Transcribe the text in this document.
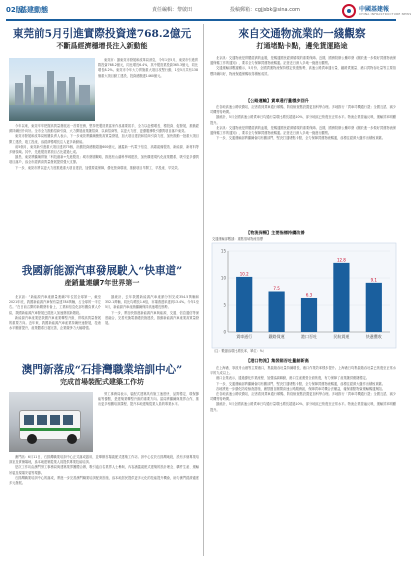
02版
基建動態	責任編輯：黎啟田	投稿郵箱：cgjjsbk@sina.com	中國基建報
CHINA INFRASTRUCTURE NEWS
東莞前5月引進實際投資達768.2億元
不斷爲經濟穩增長注入新動能

東莞市：據東莞市發展和改革局消息，今年1至5月，東莞市引進實際投資768.2億元，同比增長6.4%，其中製造業投資365.3億元，同比增長8.2%。東莞市今年大力實施重大項目攻堅行動，1至5月共有138個重大項目動工建設，投資總額達1460億元。

今年以來，東莞牢牢把握高質量發展這一首要任務，堅持把製造業當家作爲重要抓手，全力以赴穩增長、穩投資、促發展，推動經濟持續回升向好。全市全力推動招商引資，大力開展產業鏈招商、以商招商等，以更大力度、更優服務吸引優質項目落戶東莞。

東莞市發展和改革局相關負責人表示，下一步東莞將繼續聚焦高質量發展，加大項目建設和招商引資力度，加快推動一批重大項目開工建設、竣工投產，爲經濟穩增長注入更多新動能。

前5個月，東莞新引進重大項目達到75個，計劃投資總額超過600億元，涵蓋新一代電子信息、高端裝備製造、新能源、新材料等多個領域。其中，先進製造業項目占比超過七成。

據悉，東莞將繼續實施「科技創新+先進製造」城市發展戰略，推進松山湖科學城建設，加快構建現代化產業體系，吸引更多優質項目落戶，爲全市經濟高質量發展提供強大支撐。

下一步，東莞市將以更大力度推進重大項目建設，加強要素保障，優化營商環境，推動項目早開工、早投產、早見效。

我國新能源汽車發展駛入“快車道”
産銷量連續7年世界第一

北京訊：“新能源汽車產銷量連續7年位居全球第一，截至2021年底，我國新能源汽車保有量達784萬輛，占全球的一半左右。”在日前召開的新聞發布會上，工業和信息化部有關負責人介紹，我國新能源汽車發展已經進入加速發展新階段。

新能源汽車產業是我國汽車產業轉型升級、實現高質量發展的重要方向。近年來，我國新能源汽車產業持續快速發展，技術水平顯著提升，產業體系日趨完善，企業競爭力大幅增強。

據統計，去年我國新能源汽車產銷分別完成354.5萬輛和352.1萬輛，同比均增長1.6倍，市場滲透率達到13.4%。今年1至5月，新能源汽車產銷繼續保持高速增長態勢。

下一步，將加快推進新能源汽車與能源、交通、信息通信等深度融合，完善充換電基礎設施建設，推動新能源汽車產業高質量發展。

澳門新落成“石排灣職業培訓中心”
完成首場裝配式建築工作坊

勞工事務局表示，裝配式建築具有施工速度快、品質穩定、環保節能等優點，是建築業轉型升級的重要方向。當局將繼續與業界合作，推出更多相關培訓課程，提升本地建築從業人員的專業水平。

澳門訊：6月11日，石排灣職業培訓中心正式落成啟用，並舉辦首場裝配式建築工作坊。該中心位於石排灣地段，設有多個專業培訓室及實操場地，爲本地建築從業人員提供專業技能培訓。

是次工作坊由澳門勞工事務局與建築業界團體合辦，吸引逾百名業界人士參與，內容涵蓋裝配式建築的設計理念、構件生產、運輸吊裝及現場安裝等環節。

石排灣職業培訓中心的落成，將進一步完善澳門職業培訓配套設施，爲本地居民提供更多元化的技能提升機會，助力澳門經濟適度多元發展。

來自交通物流業的一綫觀察
打通堵點卡點，邊免貨運路途

北京訊：交通物流是實體經濟的血脈，是暢通國民經濟循環的重要保障。近期，國務院辦公廳印發《關於進一步做好貨運物流保通保暢工作的通知》，要求全力保障貨運物流暢通。記者近日深入多地一綫進行觀察。

交通運輸部數據顯示，5月份，全國貨運物流保持穩定恢復態勢，高速公路貨車通行量、鐵路貨運量、港口貨物吞吐量等主要指標持續向好，物流保通保暢取得積極成效。

【公路運輸】貨車通行量穩步回升

在各地高速公路收費站，記者看到貨車通行順暢，防疫檢查點設置更加科學合理。多地推行「貨車司機通行證」全國互認，減少司機等待時間。

據統計，5月全國高速公路貨車日均通行量環比增長超過10%，部分地區已恢復至正常水平。物流企業普遍反映，運輸效率明顯提升。

北京訊：交通物流是實體經濟的血脈，是暢通國民經濟循環的重要保障。近期，國務院辦公廳印發《關於進一步做好貨運物流保通保暢工作的通知》，要求全力保障貨運物流暢通。記者近日深入多地一綫進行觀察。

下一步，交通運輸部將繼續會同有關部門，堅決打通堵點卡點，全力保障貨運物流暢通，爲穩住經濟大盤作出積極貢獻。

【物流保暢】主要指標持續改善
交通運輸部數據：重點領域物流指標
0
5
10
15
10.2
貨車通行
7.5
鐵路貨運
6.3
港口吞吐
12.8
民航貨運
9.1
快遞攬收
（注：數據爲環比增長率，單位：%）
【港口物流】集裝箱吞吐量創新高

在上海港、寧波舟山港等主要港口，集裝箱吞吐量持續增長，港口作業效率穩步提升。上海港日均集裝箱吞吐量已恢復至正常水平的九成以上。

港口企業表示，通過優化作業流程、加強協調聯動，港口生產運營全面恢復，有力保障了產業鏈供應鏈穩定。

下一步，交通運輸部將繼續會同有關部門，堅決打通堵點卡點，全力保障貨運物流暢通，爲穩住經濟大盤作出積極貢獻。

各地將進一步優化防疫檢查措施，嚴禁擅自關閉高速公路服務區，保障貨車司機合法權益，確保重點物資運輸暢通無阻。

在各地高速公路收費站，記者看到貨車通行順暢，防疫檢查點設置更加科學合理。多地推行「貨車司機通行證」全國互認，減少司機等待時間。

據統計，5月全國高速公路貨車日均通行量環比增長超過10%，部分地區已恢復至正常水平。物流企業普遍反映，運輸效率明顯提升。
